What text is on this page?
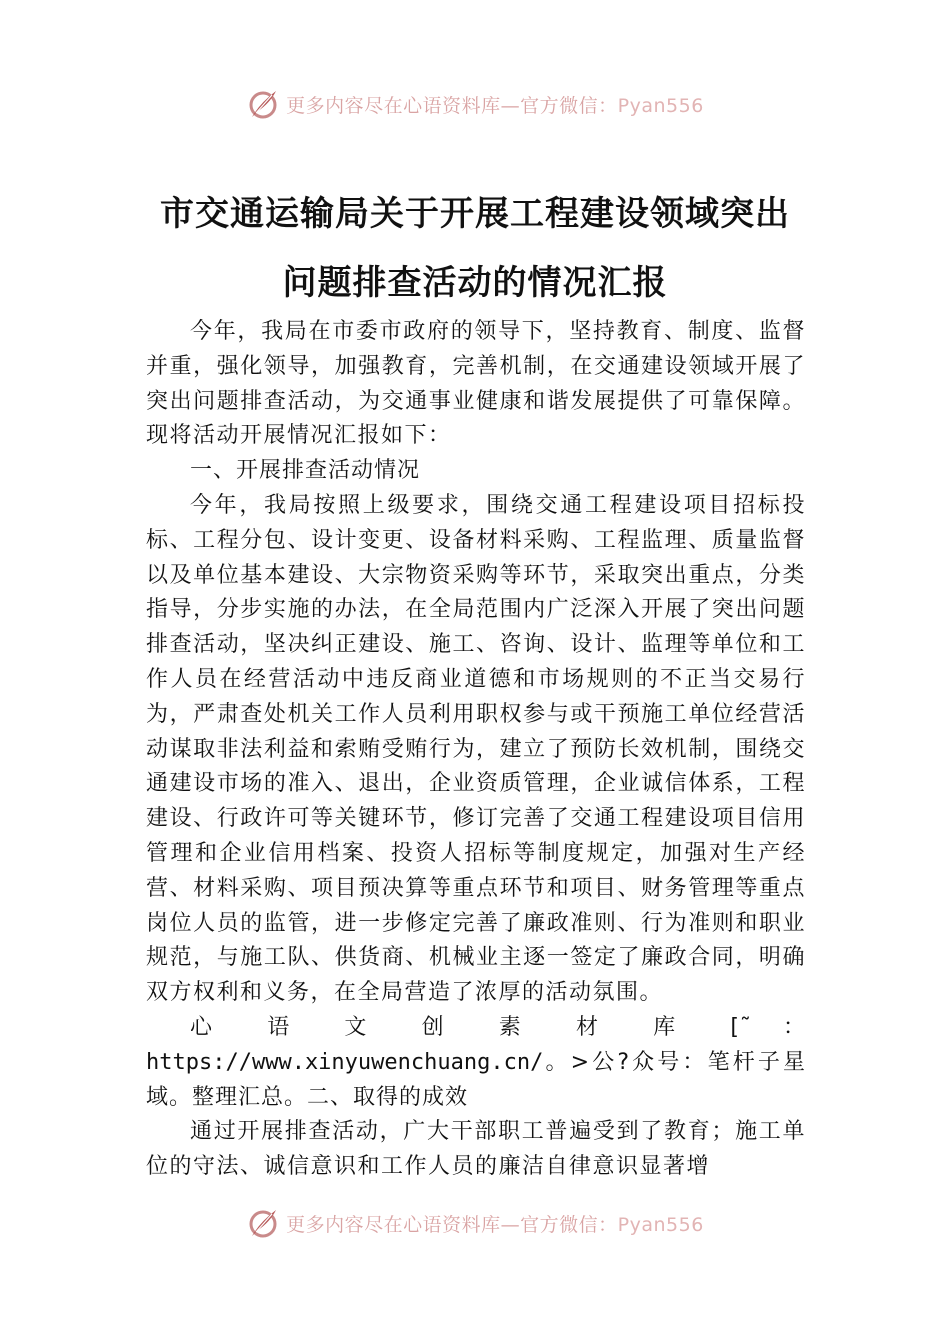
更多内容尽在心语资料库—官方微信：Pyan556
市交通运输局关于开展工程建设领域突出
问题排查活动的情况汇报

今年，我局在市委市政府的领导下，坚持教育、制度、监督并重，强化领导，加强教育，完善机制，在交通建设领域开展了突出问题排查活动，为交通事业健康和谐发展提供了可靠保障。现将活动开展情况汇报如下：

一、开展排查活动情况

今年，我局按照上级要求，围绕交通工程建设项目招标投标、工程分包、设计变更、设备材料采购、工程监理、质量监督以及单位基本建设、大宗物资采购等环节，采取突出重点，分类指导，分步实施的办法，在全局范围内广泛深入开展了突出问题排查活动，坚决纠正建设、施工、咨询、设计、监理等单位和工作人员在经营活动中违反商业道德和市场规则的不正当交易行为，严肃查处机关工作人员利用职权参与或干预施工单位经营活动谋取非法利益和索贿受贿行为，建立了预防长效机制，围绕交通建设市场的准入、退出，企业资质管理，企业诚信体系，工程建设、行政许可等关键环节，修订完善了交通工程建设项目信用管理和企业信用档案、投资人招标等制度规定，加强对生产经营、材料采购、项目预决算等重点环节和项目、财务管理等重点岗位人员的监管，进一步修定完善了廉政准则、行为准则和职业规范，与施工队、供货商、机械业主逐一签定了廉政合同，明确双方权利和义务，在全局营造了浓厚的活动氛围。

心 语 文 创 素 材 库 [˜ ： https://www.xinyuwenchuang.cn/。>公?众号：笔杆子星域。整理汇总。二、取得的成效

通过开展排查活动，广大干部职工普遍受到了教育；施工单位的守法、诚信意识和工作人员的廉洁自律意识显著增

更多内容尽在心语资料库—官方微信：Pyan556
